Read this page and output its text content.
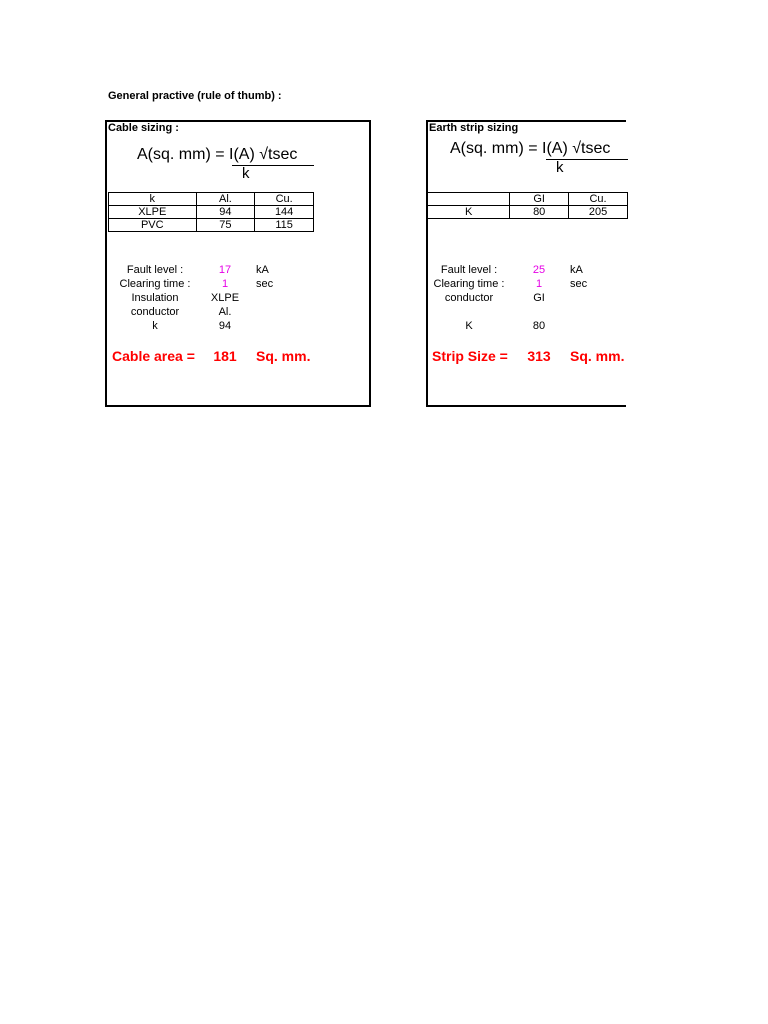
General practive (rule of thumb) :
Cable sizing :
A(sq. mm) = I(A) √tsec
k
k	Al.	Cu.
XLPE	94	144
PVC	75	115
Fault level :	17	kA
Clearing time :	1	sec
Insulation	XLPE
conductor	Al.
k	94
Cable area =	181	Sq. mm.
Earth strip sizing
A(sq. mm) = I(A) √tsec
k
	GI	Cu.
K	80	205
Fault level :	25	kA
Clearing time :	1	sec
conductor	GI
K	80
Strip Size =	313	Sq. mm.
